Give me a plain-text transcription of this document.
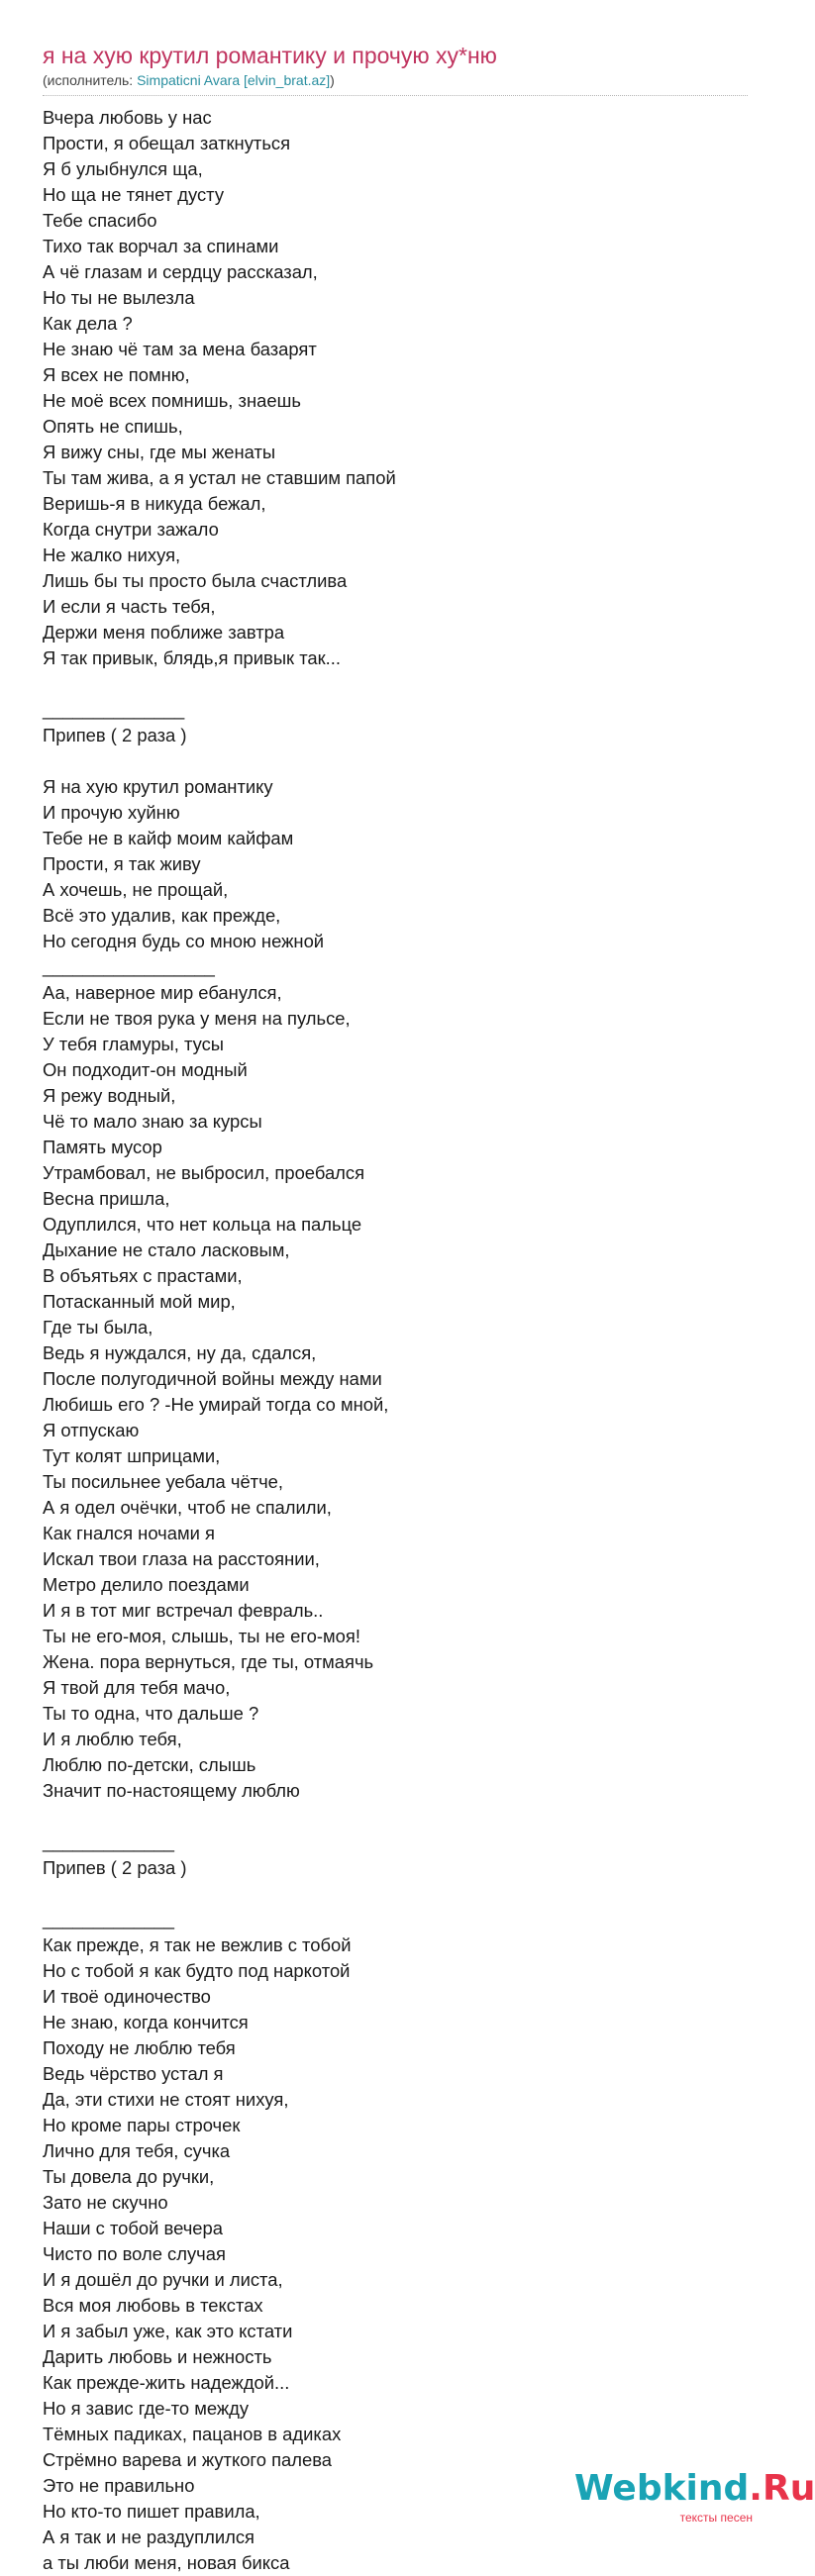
я на хую крутил романтику и прочую ху*ню
(исполнитель: Simpaticni Avara [elvin_brat.az])
Вчера любовь у нас
Прости, я обещал заткнуться
Я б улыбнулся ща,
Но ща не тянет дусту
Тебе спасибо
Тихо так ворчал за спинами
А чё глазам и сердцу рассказал,
Но ты не вылезла
Как дела ?
Не знаю чё там за мена базарят
Я всех не помню,
Не моё всех помнишь, знаешь
Опять не спишь,
Я вижу сны, где мы женаты
Ты там жива, а я устал не ставшим папой
Веришь-я в никуда бежал,
Когда снутри зажало
Не жалко нихуя,
Лишь бы ты просто была счастлива
И если я часть тебя,
Держи меня поближе завтра
Я так привык, блядь,я привык так...
______________
Припев ( 2 раза )
Я на хую крутил романтику
И прочую хуйню
Тебе не в кайф моим кайфам
Прости, я так живу
А хочешь, не прощай,
Всё это удалив, как прежде,
Но сегодня будь со мною нежной
_________________
Аа, наверное мир ебанулся,
Если не твоя рука у меня на пульсе,
У тебя гламуры, тусы
Он подходит-он модный
Я режу водный,
Чё то мало знаю за курсы
Память мусор
Утрамбовал, не выбросил, проебался
Весна пришла,
Одуплился, что нет кольца на пальце
Дыхание не стало ласковым,
В объятьях с прастами,
Потасканный мой мир,
Где ты была,
Ведь я нуждался, ну да, сдался,
После полугодичной войны между нами
Любишь его ? -Не умирай тогда со мной,
Я отпускаю
Тут колят шприцами,
Ты посильнее уебала чётче,
А я одел очёчки, чтоб не спалили,
Как гнался ночами я
Искал твои глаза на расстоянии,
Метро делило поездами
И я в тот миг встречал февраль..
Ты не его-моя, слышь, ты не его-моя!
Жена. пора вернуться, где ты, отмаячь
Я твой для тебя мачо,
Ты то одна, что дальше ?
И я люблю тебя,
Люблю по-детски, слышь
Значит по-настоящему люблю
_____________
Припев ( 2 раза )
_____________
Как прежде, я так не вежлив с тобой
Но с тобой я как будто под наркотой
И твоё одиночество
Не знаю, когда кончится
Походу не люблю тебя
Ведь чёрство устал я
Да, эти стихи не стоят нихуя,
Но кроме пары строчек
Лично для тебя, сучка
Ты довела до ручки,
Зато не скучно
Наши с тобой вечера
Чисто по воле случая
И я дошёл до ручки и листа,
Вся моя любовь в текстах
И я забыл уже, как это кстати
Дарить любовь и нежность
Как прежде-жить надеждой...
Но я завис где-то между
Тёмных падиках, пацанов в адиках
Стрёмно варева и жуткого палева
Это не правильно
Но кто-то пишет правила,
А я так и не раздуплился
а ты люби меня, новая бикса
Webkind.Ru
тексты песен
